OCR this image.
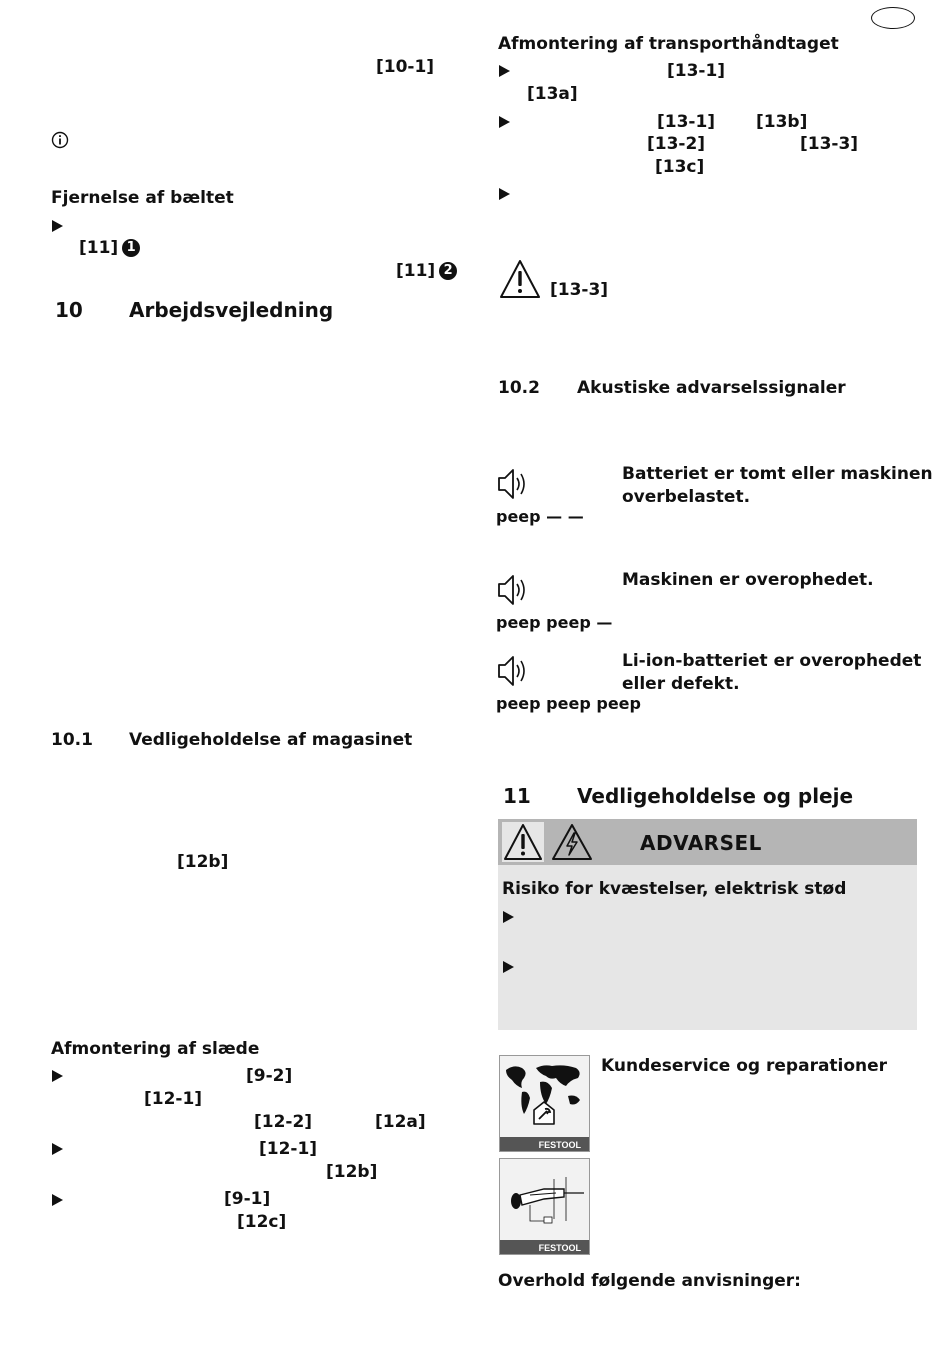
[10-1]
Fjernelse af bæltet
[11] 1
[11] 2
10 Arbejdsvejledning
10.1 Vedligeholdelse af magasinet
[12b]
Afmontering af slæde
[9-2]
[12-1]
[12-2]	[12a]
[12-1]
[12b]
[9-1]
[12c]
Afmontering af transporthåndtaget
[13-1]
[13a]
[13-1] [13b]
[13-2]	[13-3]
[13c]
[13-3]
10.2 Akustiske advarselssignaler
peep — —
Batteriet er tomt eller maskinen
overbelastet.
peep peep —
Maskinen er overophedet.
peep peep peep
Li-ion-batteriet er overophedet
eller defekt.
11 Vedligeholdelse og pleje
ADVARSEL
Risiko for kvæstelser, elektrisk stød
FESTOOL
Kundeservice og reparationer
FESTOOL
Overhold følgende anvisninger:
